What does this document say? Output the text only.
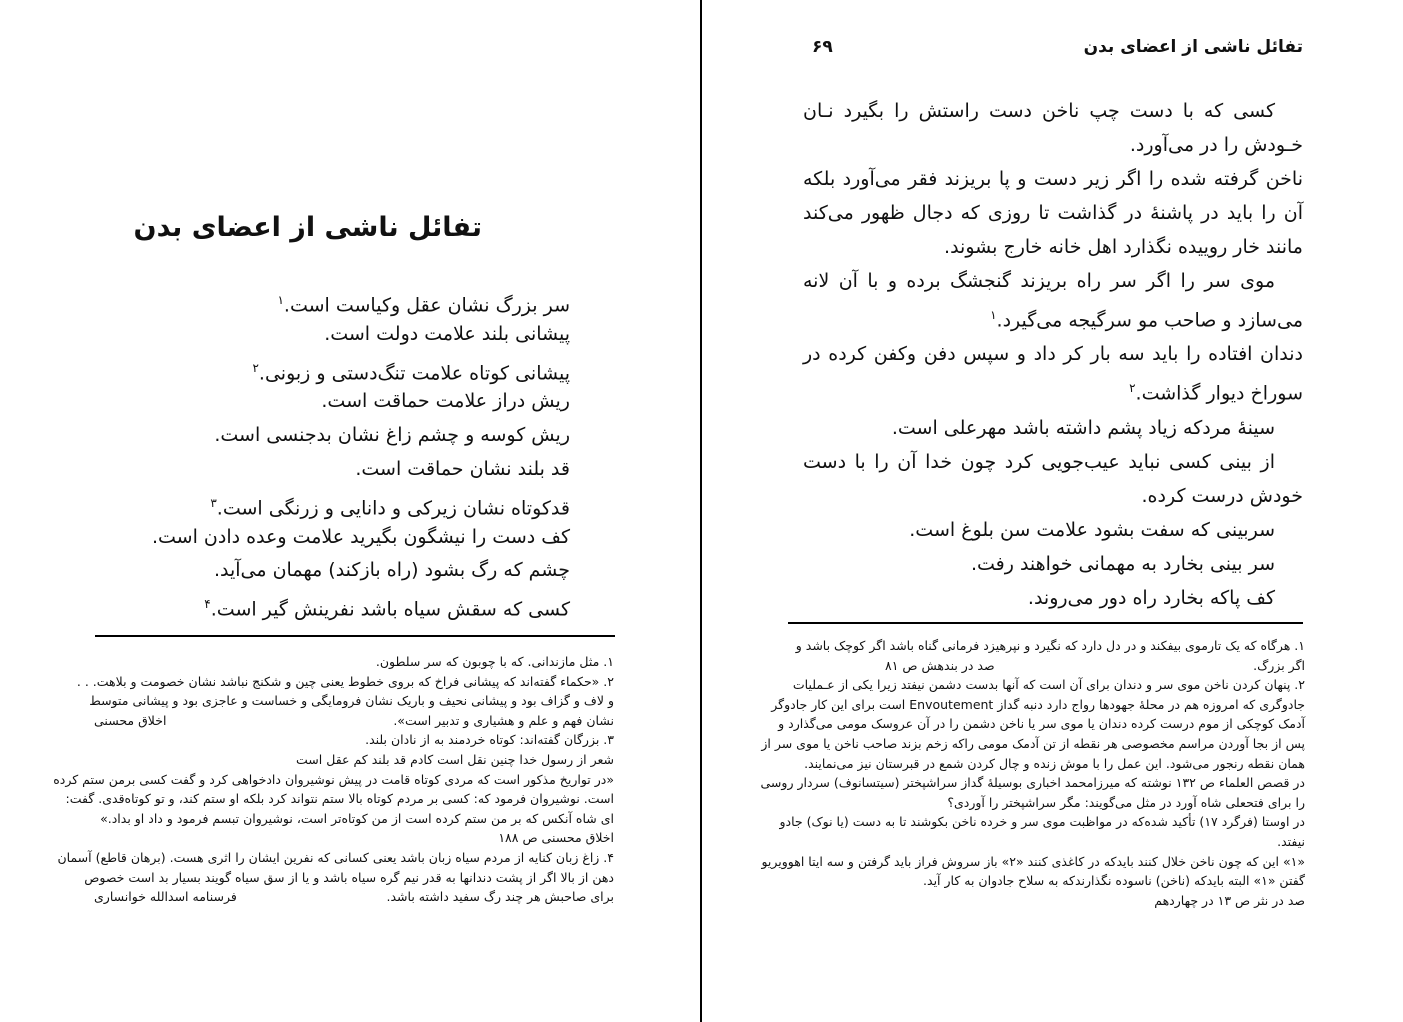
تفائل ناشی از اعضای بدن
سر بزرگ نشان عقل وکیاست است.$^۱$
پیشانی بلند علامت دولت است.
پیشانی کوتاه علامت تنگ‌دستی و زبونی.$^۲$
ریش دراز علامت حماقت است.
ریش کوسه و چشم زاغ نشان بدجنسی است.
قد بلند نشان حماقت است.
قدکوتاه نشان زیرکی و دانایی و زرنگی است.$^۳$
کف دست را نیشگون بگیرید علامت وعده دادن است.
چشم که رگ بشود (راه بازکند) مهمان می‌آید.
کسی که سقش سیاه باشد نفرینش گیر است.$^۴$

۱. مثل مازندانی. که با چوبون که سر سلطون.

۲. «حکماء گفته‌اند که پیشانی فراخ که بروی خطوط یعنی چین و شکنج نباشد نشان خصومت و بلاهت. . .

و لاف و گزاف بود و پیشانی نحیف و باریک نشان فرومایگی و خساست و عاجزی بود و پیشانی متوسط

نشان فهم و علم و هشیاری و تدبیر است».
اخلاق محسنی

۳. بزرگان گفته‌اند: کوتاه خردمند به از نادان بلند.

شعر از رسول خدا چنین نقل است کادم قد بلند کم عقل است

«در تواریخ مذکور است که مردی کوتاه قامت در پیش نوشیروان دادخواهی کرد و گفت کسی برمن ستم کرده

است. نوشیروان فرمود که: کسی بر مردم کوتاه بالا ستم نتواند کرد بلکه او ستم کند، و تو کوتاه‌قدی. گفت:

ای شاه آنکس که بر من ستم کرده است از من کوتاه‌تر است، نوشیروان تبسم فرمود و داد او بداد.»

اخلاق محسنی ص ۱۸۸

۴. زاغ زبان کنایه از مردم سیاه زبان باشد یعنی کسانی که نفرین ایشان را اثری هست. (برهان قاطع) آسمان

دهن از بالا اگر از پشت دندانها به قدر نیم گره سیاه باشد و یا از سق سیاه گویند بسیار بد است خصوص

برای صاحبش هر چند رگ سفید داشته باشد.
فرسنامه اسدالله خوانساری

تفائل ناشی از اعضای بدن
۶۹

کسی که با دست چپ ناخن دست راستش را بگیرد نـان خـودش را در می‌آورد.

ناخن گرفته شده را اگر زیر دست و پا بریزند فقر می‌آورد بلکه آن را باید در پاشنهٔ در گذاشت تا روزی که دجال ظهور می‌کند مانند خار روییده نگذارد اهل خانه خارج بشوند.

موی سر را اگر سر راه بریزند گنجشگ برده و با آن لانه می‌سازد و صاحب مو سرگیجه می‌گیرد.$^۱$

دندان افتاده را باید سه بار کر داد و سپس دفن وکفن کرده در سوراخ دیوار گذاشت.$^۲$

سینهٔ مردکه زیاد پشم داشته باشد مهرعلی است.

از بینی کسی نباید عیب‌جویی کرد چون خدا آن را با دست خودش درست کرده.

سربینی که سفت بشود علامت سن بلوغ است.

سر بینی بخارد به مهمانی خواهند رفت.

کف پاکه بخارد راه دور می‌روند.

۱. هرگاه که یک تارموی بیفکند و در دل دارد که نگیرد و نپرهیزد فرمانی گناه باشد اگر کوچک باشد و

اگر بزرگ.
صد در بندهش ص ۸۱

۲. پنهان کردن ناخن موی سر و دندان برای آن است که آنها بدست دشمن نیفتد زیرا یکی از عـملیات

جادوگری که امروزه هم در محلهٔ جهودها رواج دارد دنبه گداز Envoutement است برای این کار جادوگر

آدمک کوچکی از موم درست کرده دندان یا موی سر یا ناخن دشمن را در آن عروسک مومی می‌گذارد و

پس از بجا آوردن مراسم مخصوصی هر نقطه از تن آدمک مومی راکه زخم بزند صاحب ناخن یا موی سر از

همان نقطه رنجور می‌شود. این عمل را با موش زنده و چال کردن شمع در قبرستان نیز می‌نمایند.

در قصص العلماء ص ۱۳۲ نوشته که میرزامحمد اخباری بوسیلهٔ گداز سراشپختر (سیتسانوف) سردار روسی

را برای فتحعلی شاه آورد در مثل می‌گویند: مگر سراشپختر را آوردی؟

در اوستا (فرگرد ۱۷) تأکید شده‌که در مواظبت موی سر و خرده ناخن بکوشند تا به دست (یا نوک) جادو

نیفتد.

«۱» این که چون ناخن خلال کنند بایدکه در کاغذی کنند «۲» باز سروش فراز باید گرفتن و سه ایتا اهوویریو

گفتن «۱» البته بایدکه (ناخن) ناسوده نگذارندکه به سلاح جادوان به کار آید.

صد در نثر ص ۱۳ در چهاردهم
